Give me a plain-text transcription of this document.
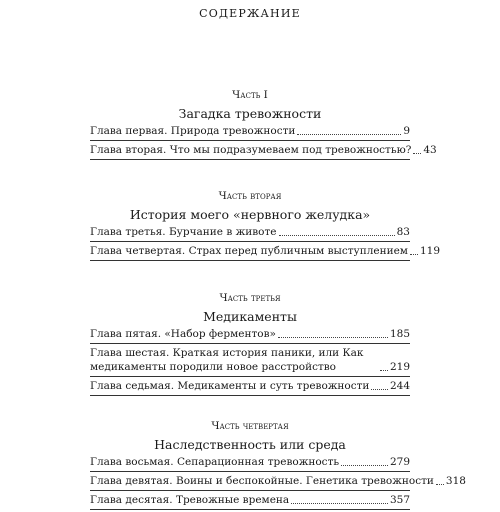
содержание
Часть I
Загадка тревожности
Глава первая. Природа тревожности	9
Глава вторая. Что мы подразумеваем под тревожностью? 43
Часть вторая
История моего «нервного желудка»
Глава третья. Бурчание в животе	83
Глава четвертая. Страх перед публичным выступлением 119
Часть третья
Медикаменты
Глава пятая. «Набор ферментов»	185
Глава шестая. Краткая история паники, или Как медикаменты породили новое расстройство	219
Глава седьмая. Медикаменты и суть тревожности 244
Часть четвертая
Наследственность или среда
Глава восьмая. Сепарационная тревожность	279
Глава девятая. Воины и беспокойные. Генетика тревожности 318
Глава десятая. Тревожные времена	357
